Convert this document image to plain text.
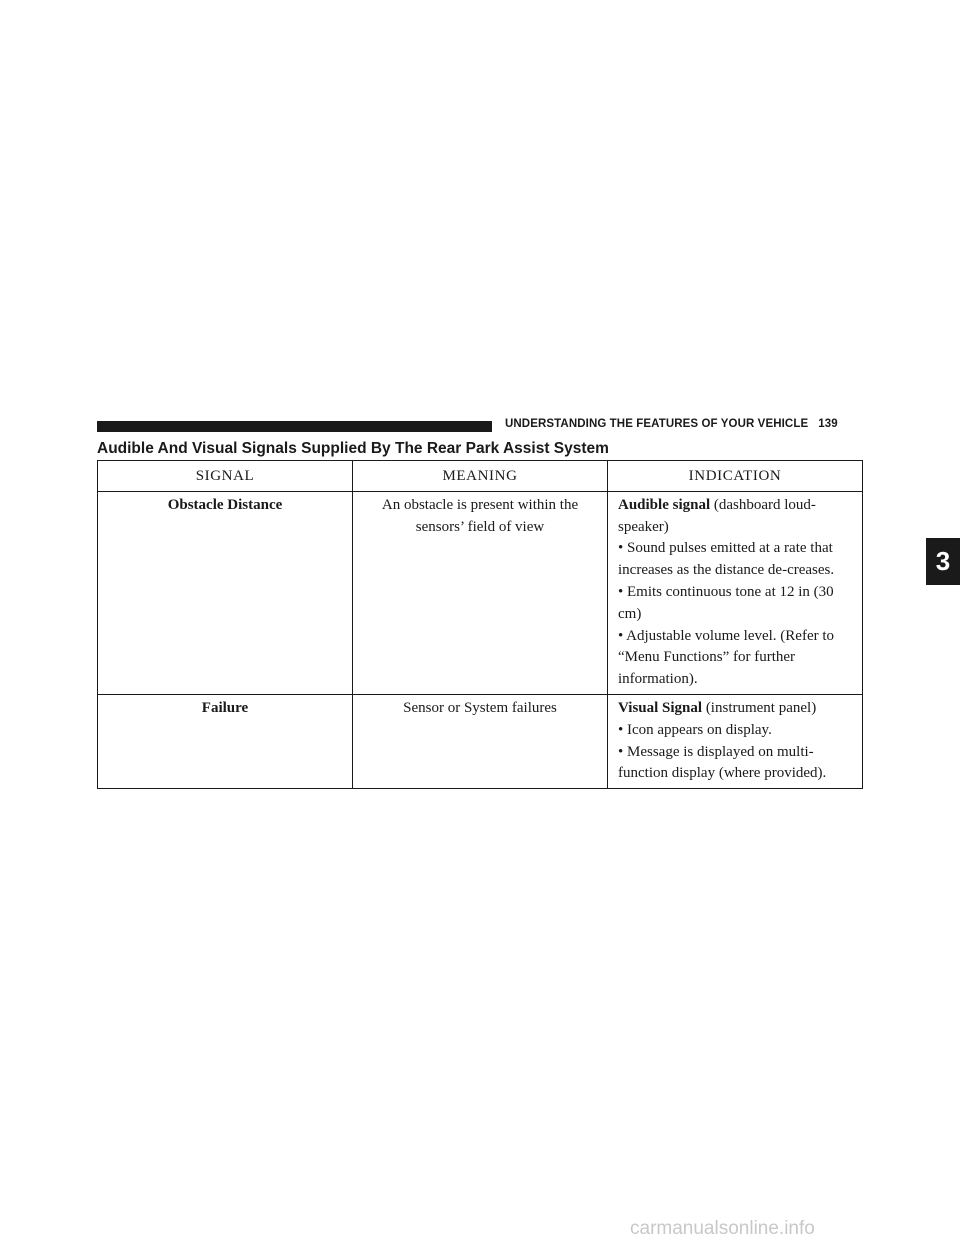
UNDERSTANDING THE FEATURES OF YOUR VEHICLE 139
Audible And Visual Signals Supplied By The Rear Park Assist System
SIGNAL	MEANING	INDICATION
Obstacle Distance	An obstacle is present within the sensors’ field of view	Audible signal (dashboard loud-speaker)
• Sound pulses emitted at a rate that increases as the distance de-creases.
• Emits continuous tone at 12 in (30 cm)
• Adjustable volume level. (Refer to “Menu Functions” for further information).

Failure	Sensor or System failures	Visual Signal (instrument panel)
• Icon appears on display.
• Message is displayed on multi-function display (where provided).
3
carmanualsonline.info
